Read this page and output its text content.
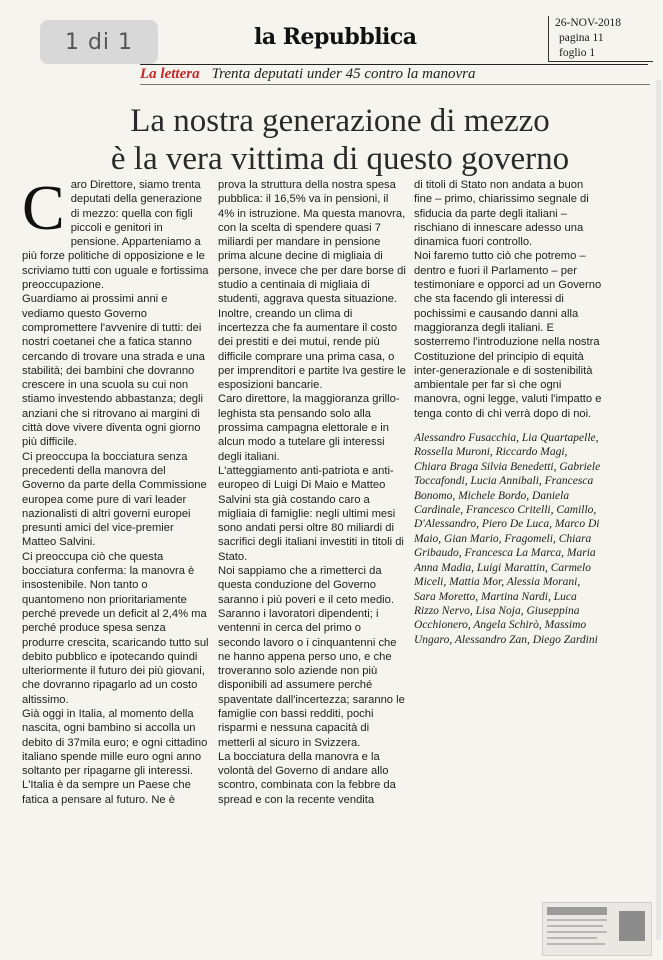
1 di 1	la Repubblica
26-NOV-2018
pagina 11
foglio 1
La lettera Trenta deputati under 45 contro la manovra
La nostra generazione di mezzo
è la vera vittima di questo governo

Caro Direttore, siamo trenta deputati della generazione di mezzo: quella con figli piccoli e genitori in pensione. Apparteniamo a più forze politiche di opposizione e le scriviamo tutti con uguale e fortissima preoccupazione.

Guardiamo ai prossimi anni e vediamo questo Governo compromettere l'avvenire di tutti: dei nostri coetanei che a fatica stanno cercando di trovare una strada e una stabilità; dei bambini che dovranno crescere in una scuola su cui non stiamo investendo abbastanza; degli anziani che si ritrovano ai margini di città dove vivere diventa ogni giorno più difficile.

Ci preoccupa la bocciatura senza precedenti della manovra del Governo da parte della Commissione europea come pure di vari leader nazionalisti di altri governi europei presunti amici del vice-premier Matteo Salvini.

Ci preoccupa ciò che questa bocciatura conferma: la manovra è insostenibile. Non tanto o quantomeno non prioritariamente perché prevede un deficit al 2,4% ma perché produce spesa senza produrre crescita, scaricando tutto sul debito pubblico e ipotecando quindi ulteriormente il futuro dei più giovani, che dovranno ripagarlo ad un costo altissimo.

Già oggi in Italia, al momento della nascita, ogni bambino si accolla un debito di 37mila euro; e ogni cittadino italiano spende mille euro ogni anno soltanto per ripagarne gli interessi.

L'Italia è da sempre un Paese che fatica a pensare al futuro. Ne è

prova la struttura della nostra spesa pubblica: il 16,5% va in pensioni, il 4% in istruzione. Ma questa manovra, con la scelta di spendere quasi 7 miliardi per mandare in pensione prima alcune decine di migliaia di persone, invece che per dare borse di studio a centinaia di migliaia di studenti, aggrava questa situazione. Inoltre, creando un clima di incertezza che fa aumentare il costo dei prestiti e dei mutui, rende più difficile comprare una prima casa, o per imprenditori e partite Iva gestire le esposizioni bancarie.

Caro direttore, la maggioranza grillo-leghista sta pensando solo alla prossima campagna elettorale e in alcun modo a tutelare gli interessi degli italiani.

L'atteggiamento anti-patriota e anti-europeo di Luigi Di Maio e Matteo Salvini sta già costando caro a migliaia di famiglie: negli ultimi mesi sono andati persi oltre 80 miliardi di sacrifici degli italiani investiti in titoli di Stato.

Noi sappiamo che a rimetterci da questa conduzione del Governo saranno i più poveri e il ceto medio. Saranno i lavoratori dipendenti; i ventenni in cerca del primo o secondo lavoro o i cinquantenni che ne hanno appena perso uno, e che troveranno solo aziende non più disponibili ad assumere perché spaventate dall'incertezza; saranno le famiglie con bassi redditi, pochi risparmi e nessuna capacità di metterli al sicuro in Svizzera.

La bocciatura della manovra e la volontà del Governo di andare allo scontro, combinata con la febbre da spread e con la recente vendita

di titoli di Stato non andata a buon fine – primo, chiarissimo segnale di sfiducia da parte degli italiani – rischiano di innescare adesso una dinamica fuori controllo.

Noi faremo tutto ciò che potremo – dentro e fuori il Parlamento – per testimoniare e opporci ad un Governo che sta facendo gli interessi di pochissimi e causando danni alla maggioranza degli italiani. E sosterremo l'introduzione nella nostra Costituzione del principio di equità inter-generazionale e di sostenibilità ambientale per far sì che ogni manovra, ogni legge, valuti l'impatto e tenga conto di chi verrà dopo di noi.

Alessandro Fusacchia, Lia Quartapelle, Rossella Muroni, Riccardo Magi, Chiara Braga Silvia Benedetti, Gabriele Toccafondi, Lucia Annibali, Francesca Bonomo, Michele Bordo, Daniela Cardinale, Francesco Critelli, Camillo, D'Alessandro, Piero De Luca, Marco Di Maio, Gian Mario, Fragomeli, Chiara Gribaudo, Francesca La Marca, Maria Anna Madia, Luigi Marattin, Carmelo Miceli, Mattia Mor, Alessia Morani, Sara Moretto, Martina Nardi, Luca Rizzo Nervo, Lisa Noja, Giuseppina Occhionero, Angela Schirò, Massimo Ungaro, Alessandro Zan, Diego Zardini
